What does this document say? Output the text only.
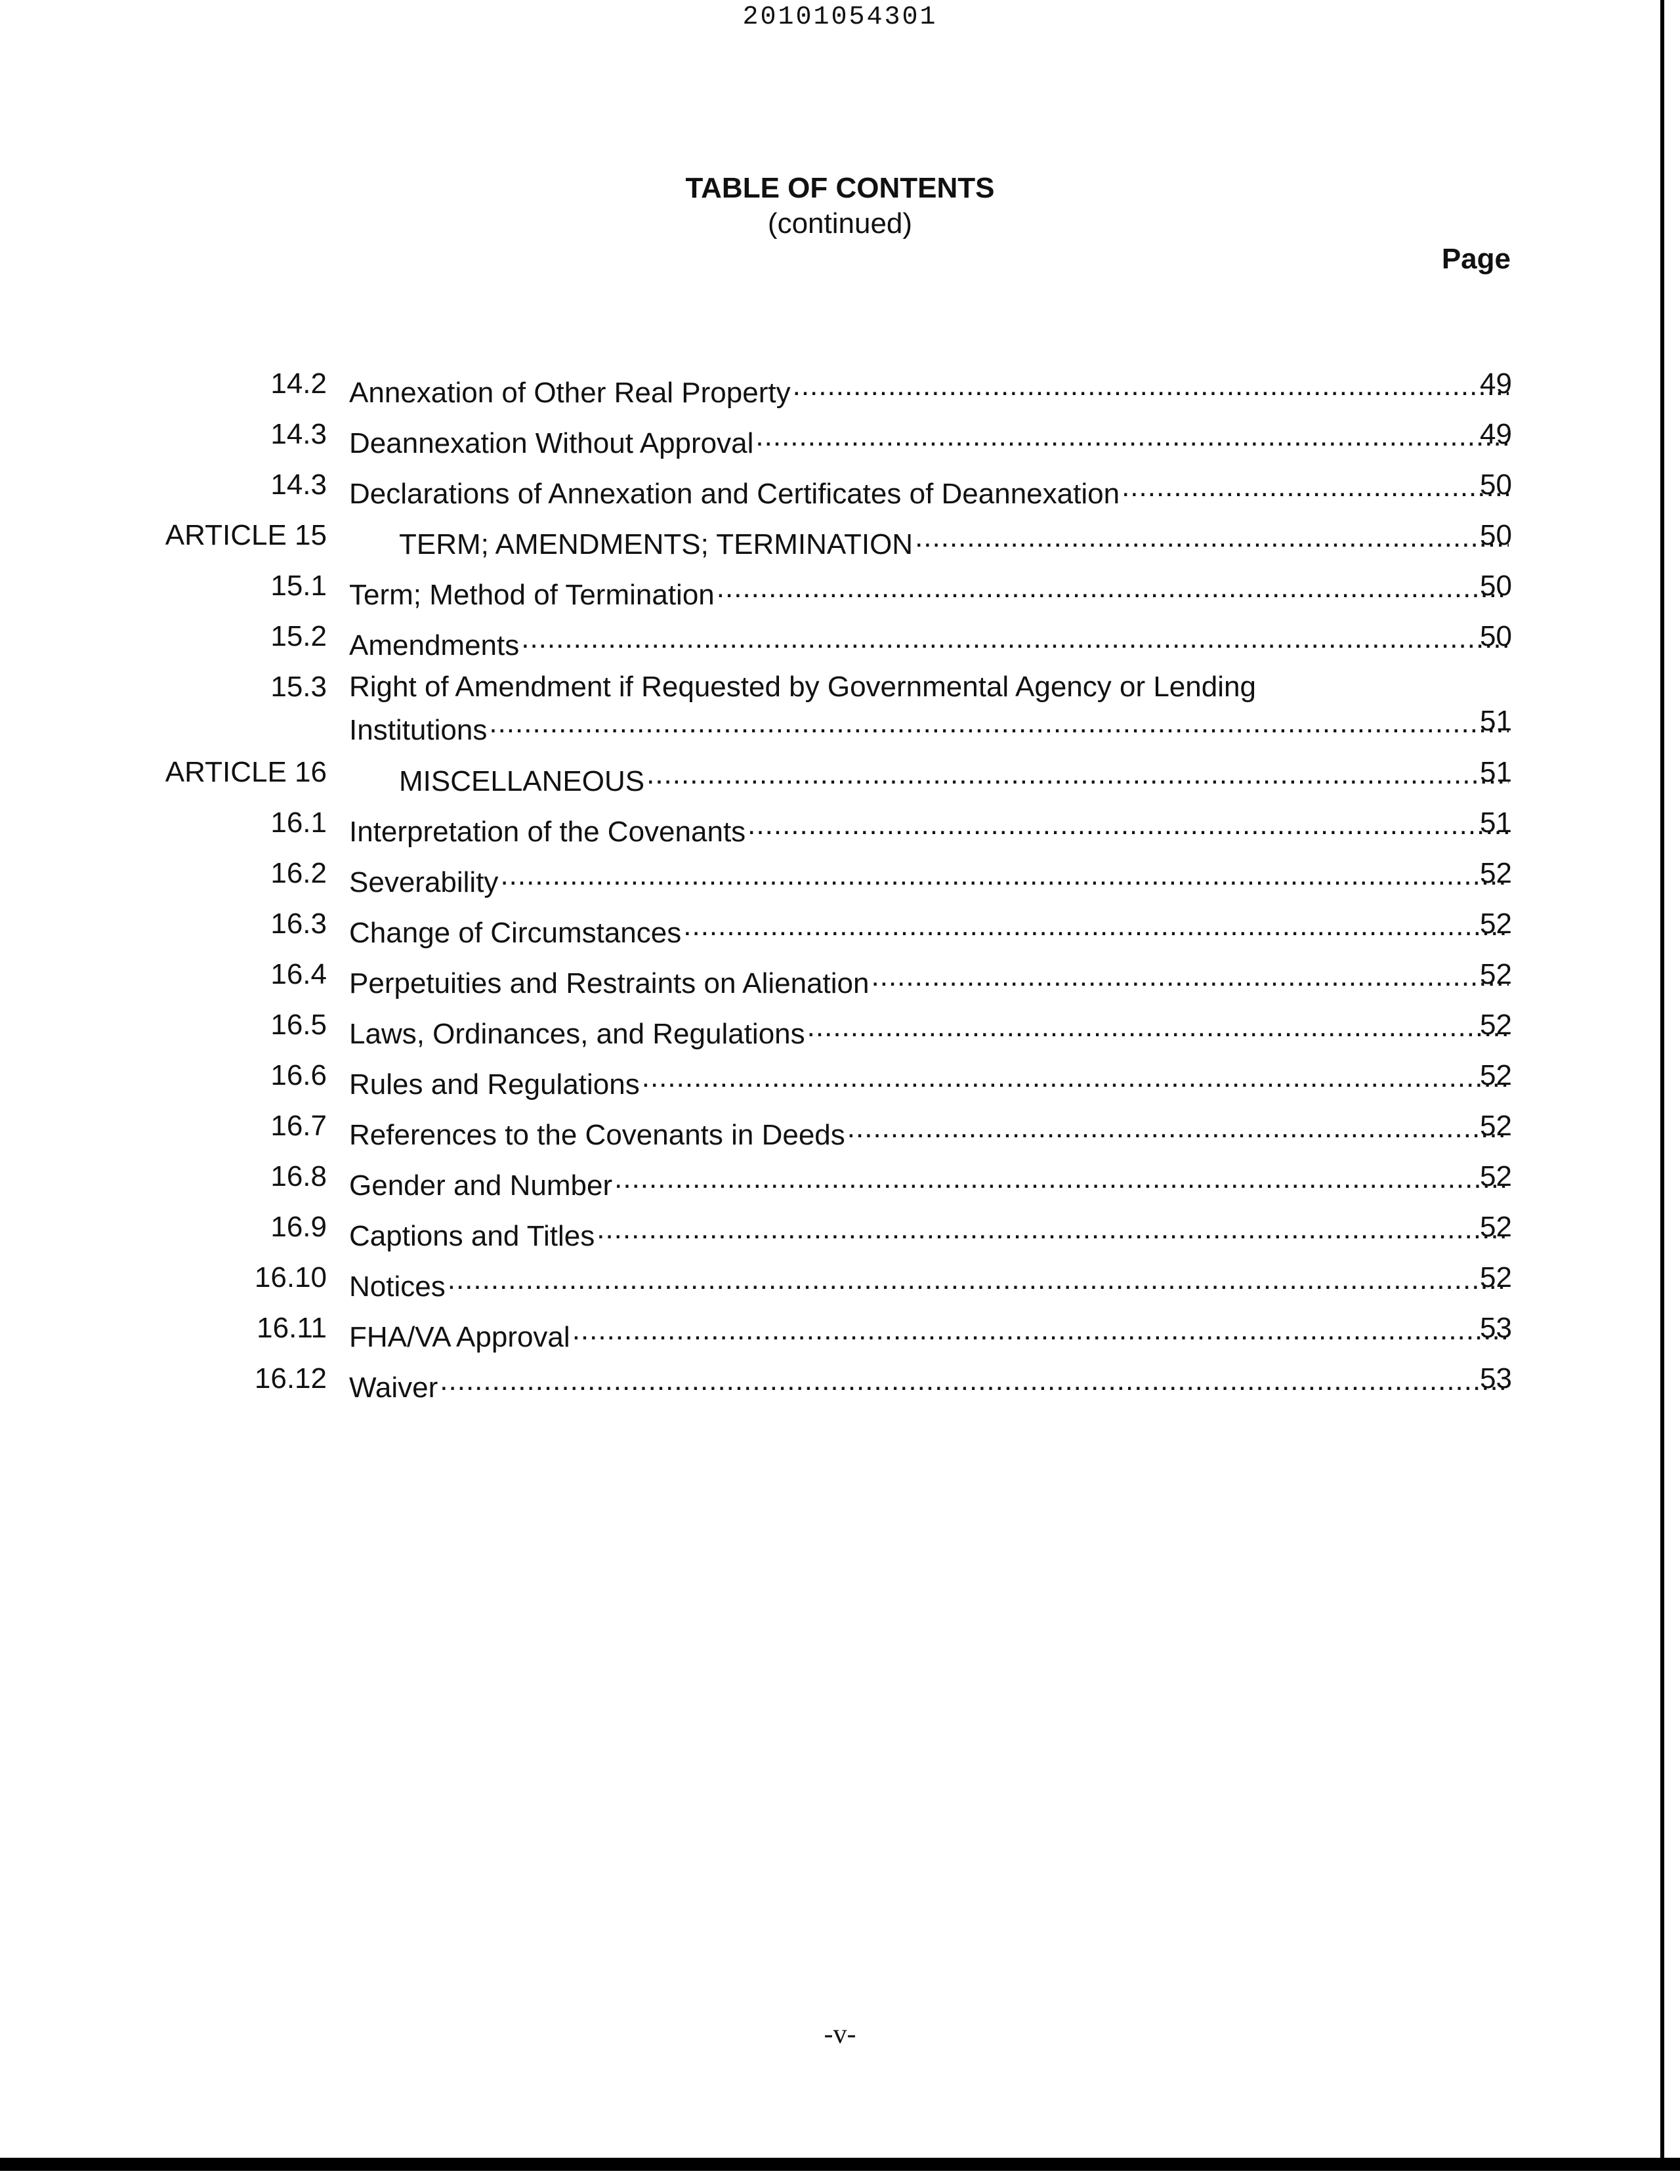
20101054301
TABLE OF CONTENTS
(continued)
Page
14.2 Annexation of Other Real Property .....	49
14.3 Deannexation Without Approval .....	49
14.3 Declarations of Annexation and Certificates of Deannexation .....	50
ARTICLE 15	TERM; AMENDMENTS; TERMINATION .....	50
15.1 Term; Method of Termination .....	50
15.2 Amendments .....	50
15.3 Right of Amendment if Requested by Governmental Agency or Lending
Institutions .....	51
ARTICLE 16	MISCELLANEOUS .....	51
16.1 Interpretation of the Covenants .....	51
16.2 Severability .....	52
16.3 Change of Circumstances .....	52
16.4 Perpetuities and Restraints on Alienation .....	52
16.5 Laws, Ordinances, and Regulations .....	52
16.6 Rules and Regulations .....	52
16.7 References to the Covenants in Deeds .....	52
16.8 Gender and Number .....	52
16.9 Captions and Titles .....	52
16.10 Notices .....	52
16.11 FHA/VA Approval .....	53
16.12 Waiver .....	53
-v-
